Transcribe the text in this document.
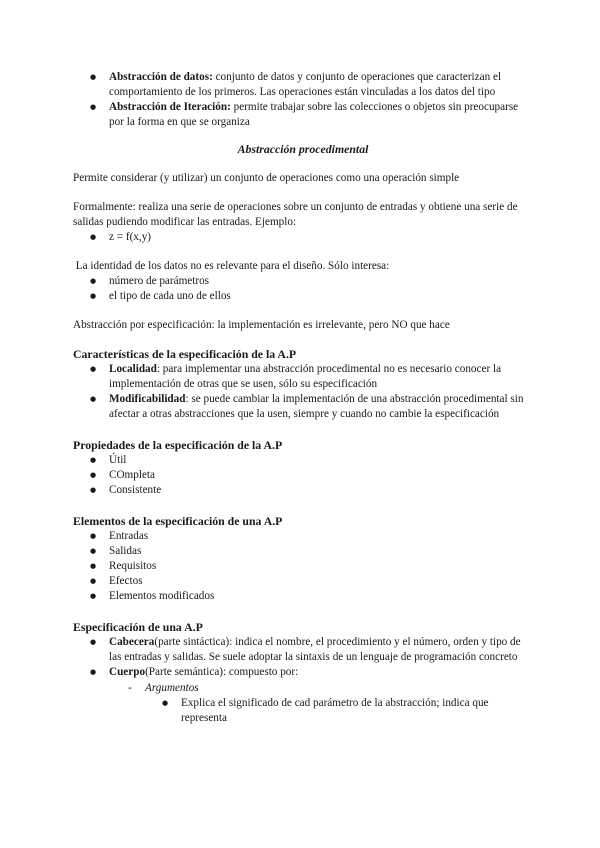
● Abstracción de datos: conjunto de datos y conjunto de operaciones que caracterizan el comportamiento de los primeros. Las operaciones están vinculadas a los datos del tipo
● Abstracción de Iteración: permite trabajar sobre las colecciones o objetos sin preocuparse por la forma en que se organiza

Abstracción procedimental

Permite considerar (y utilizar) un conjunto de operaciones como una operación simple

Formalmente: realiza una serie de operaciones sobre un conjunto de entradas y obtiene una serie de salidas pudiendo modificar las entradas. Ejemplo:

● z = f(x,y)

La identidad de los datos no es relevante para el diseño. Sólo interesa:

● número de parámetros
● el tipo de cada uno de ellos

Abstracción por especificación: la implementación es irrelevante, pero NO que hace

Características de la especificación de la A.P

● Localidad: para implementar una abstracción procedimental no es necesario conocer la implementación de otras que se usen, sólo su especificación
● Modificabilidad: se puede cambiar la implementación de una abstracción procedimental sin afectar a otras abstracciones que la usen, siempre y cuando no cambie la especificación

Propiedades de la especificación de la A.P

● Útil
● COmpleta
● Consistente

Elementos de la especificación de una A.P

● Entradas
● Salidas
● Requisitos
● Efectos
● Elementos modificados

Especificación de una A.P

● Cabecera(parte sintáctica): indica el nombre, el procedimiento y el número, orden y tipo de las entradas y salidas. Se suele adoptar la sintaxis de un lenguaje de programación concreto
● Cuerpo(Parte semántica): compuesto por:
- Argumentos
● Explica el significado de cad parámetro de la abstracción; indica que representa
